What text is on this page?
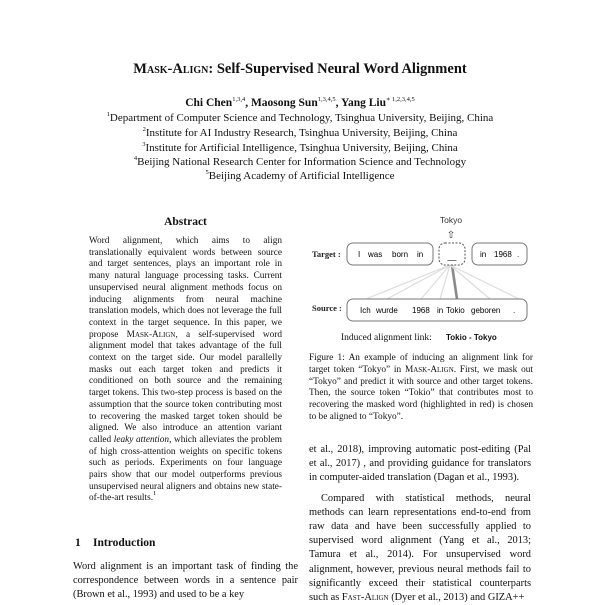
Mask-Align: Self-Supervised Neural Word Alignment
Chi Chen$^{1,3,4}$, Maosong Sun$^{1,3,4,5}$, Yang Liu$^{∗ 1,2,3,4,5}$
$^1$Department of Computer Science and Technology, Tsinghua University, Beijing, China
$^2$Institute for AI Industry Research, Tsinghua University, Beijing, China
$^3$Institute for Artificial Intelligence, Tsinghua University, Beijing, China
$^4$Beijing National Research Center for Information Science and Technology
$^5$Beijing Academy of Artificial Intelligence
Abstract
Word alignment, which aims to align translationally equivalent words between source and target sentences, plays an important role in many natural language processing tasks. Current unsupervised neural alignment methods focus on inducing alignments from neural machine translation models, which does not leverage the full context in the target sequence. In this paper, we propose Mask-Align, a self-supervised word alignment model that takes advantage of the full context on the target side. Our model parallelly masks out each target token and predicts it conditioned on both source and the remaining target tokens. This two-step process is based on the assumption that the source token contributing most to recovering the masked target token should be aligned. We also introduce an attention variant called leaky attention, which alleviates the problem of high cross-attention weights on specific tokens such as periods. Experiments on four language pairs show that our model outperforms previous unsupervised neural aligners and obtains new state-of-the-art results.$^1$
1 Introduction
Word alignment is an important task of finding the correspondence between words in a sentence pair (Brown et al., 1993) and used to be a key
Tokyo
⇧
Target :
Source :
I was born in	__	in 1968 .
Ich wurde 1968 in Tokio geboren .
Induced alignment link: Tokio - Tokyo
Figure 1: An example of inducing an alignment link for target token “Tokyo” in Mask-Align. First, we mask out “Tokyo” and predict it with source and other target tokens. Then, the source token “Tokio” that contributes most to recovering the masked word (highlighted in red) is chosen to be aligned to “Tokyo”.

et al., 2018), improving automatic post-editing (Pal et al., 2017) , and providing guidance for translators in computer-aided translation (Dagan et al., 1993).

Compared with statistical methods, neural methods can learn representations end-to-end from raw data and have been successfully applied to supervised word alignment (Yang et al., 2013; Tamura et al., 2014). For unsupervised word alignment, however, previous neural methods fail to significantly exceed their statistical counterparts such as Fast-Align (Dyer et al., 2013) and GIZA++
